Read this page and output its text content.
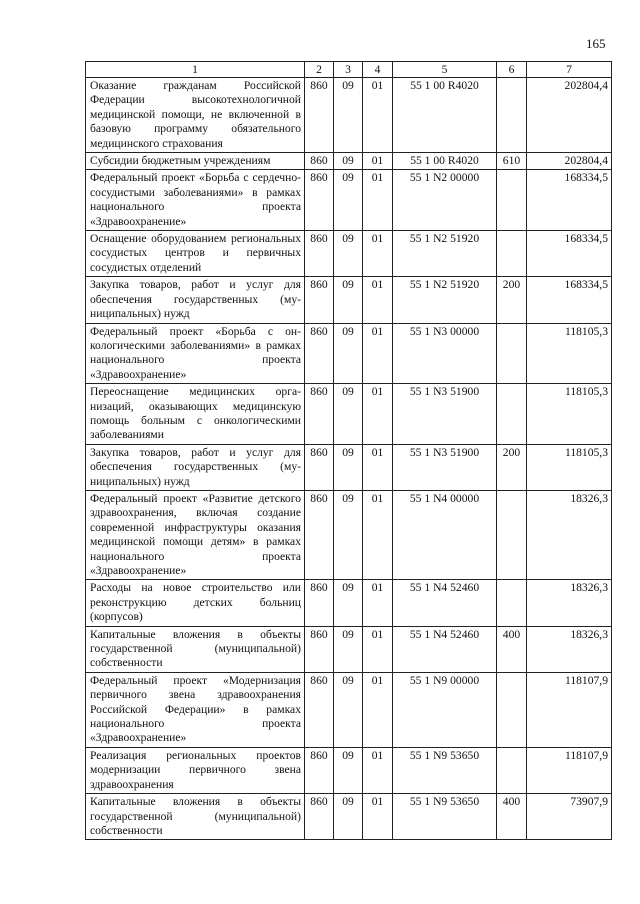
165
1	2	3	4	5	6	7
Оказание гражданам Российской Федерации высокотехнологичной медицинской помощи, не включенной в базовую программу обязательного медицинского страхования	860	09	01	55 1 00 R4020		202804,4
Субсидии бюджетным учреждениям	860	09	01	55 1 00 R4020	610	202804,4
Федеральный проект «Борьба с сердечно-сосудистыми заболеваниями» в рамках национального проекта «Здравоохранение»	860	09	01	55 1 N2 00000		168334,5
Оснащение оборудованием региональных сосудистых центров и первичных сосудистых отделений	860	09	01	55 1 N2 51920		168334,5
Закупка товаров, работ и услуг для обеспечения государственных (муниципальных) нужд	860	09	01	55 1 N2 51920	200	168334,5
Федеральный проект «Борьба с онкологическими заболеваниями» в рамках национального проекта «Здравоохранение»	860	09	01	55 1 N3 00000		118105,3
Переоснащение медицинских организаций, оказывающих медицинскую помощь больным с онкологическими заболеваниями	860	09	01	55 1 N3 51900		118105,3
Закупка товаров, работ и услуг для обеспечения государственных (муниципальных) нужд	860	09	01	55 1 N3 51900	200	118105,3
Федеральный проект «Развитие детского здравоохранения, включая создание современной инфраструктуры оказания медицинской помощи детям» в рамках национального проекта «Здравоохранение»	860	09	01	55 1 N4 00000		18326,3
Расходы на новое строительство или реконструкцию детских больниц (корпусов)	860	09	01	55 1 N4 52460		18326,3
Капитальные вложения в объекты государственной (муниципальной) собственности	860	09	01	55 1 N4 52460	400	18326,3
Федеральный проект «Модернизация первичного звена здравоохранения Российской Федерации» в рамках национального проекта «Здравоохранение»	860	09	01	55 1 N9 00000		118107,9
Реализация региональных проектов модернизации первичного звена здравоохранения	860	09	01	55 1 N9 53650		118107,9
Капитальные вложения в объекты государственной (муниципальной) собственности	860	09	01	55 1 N9 53650	400	73907,9
